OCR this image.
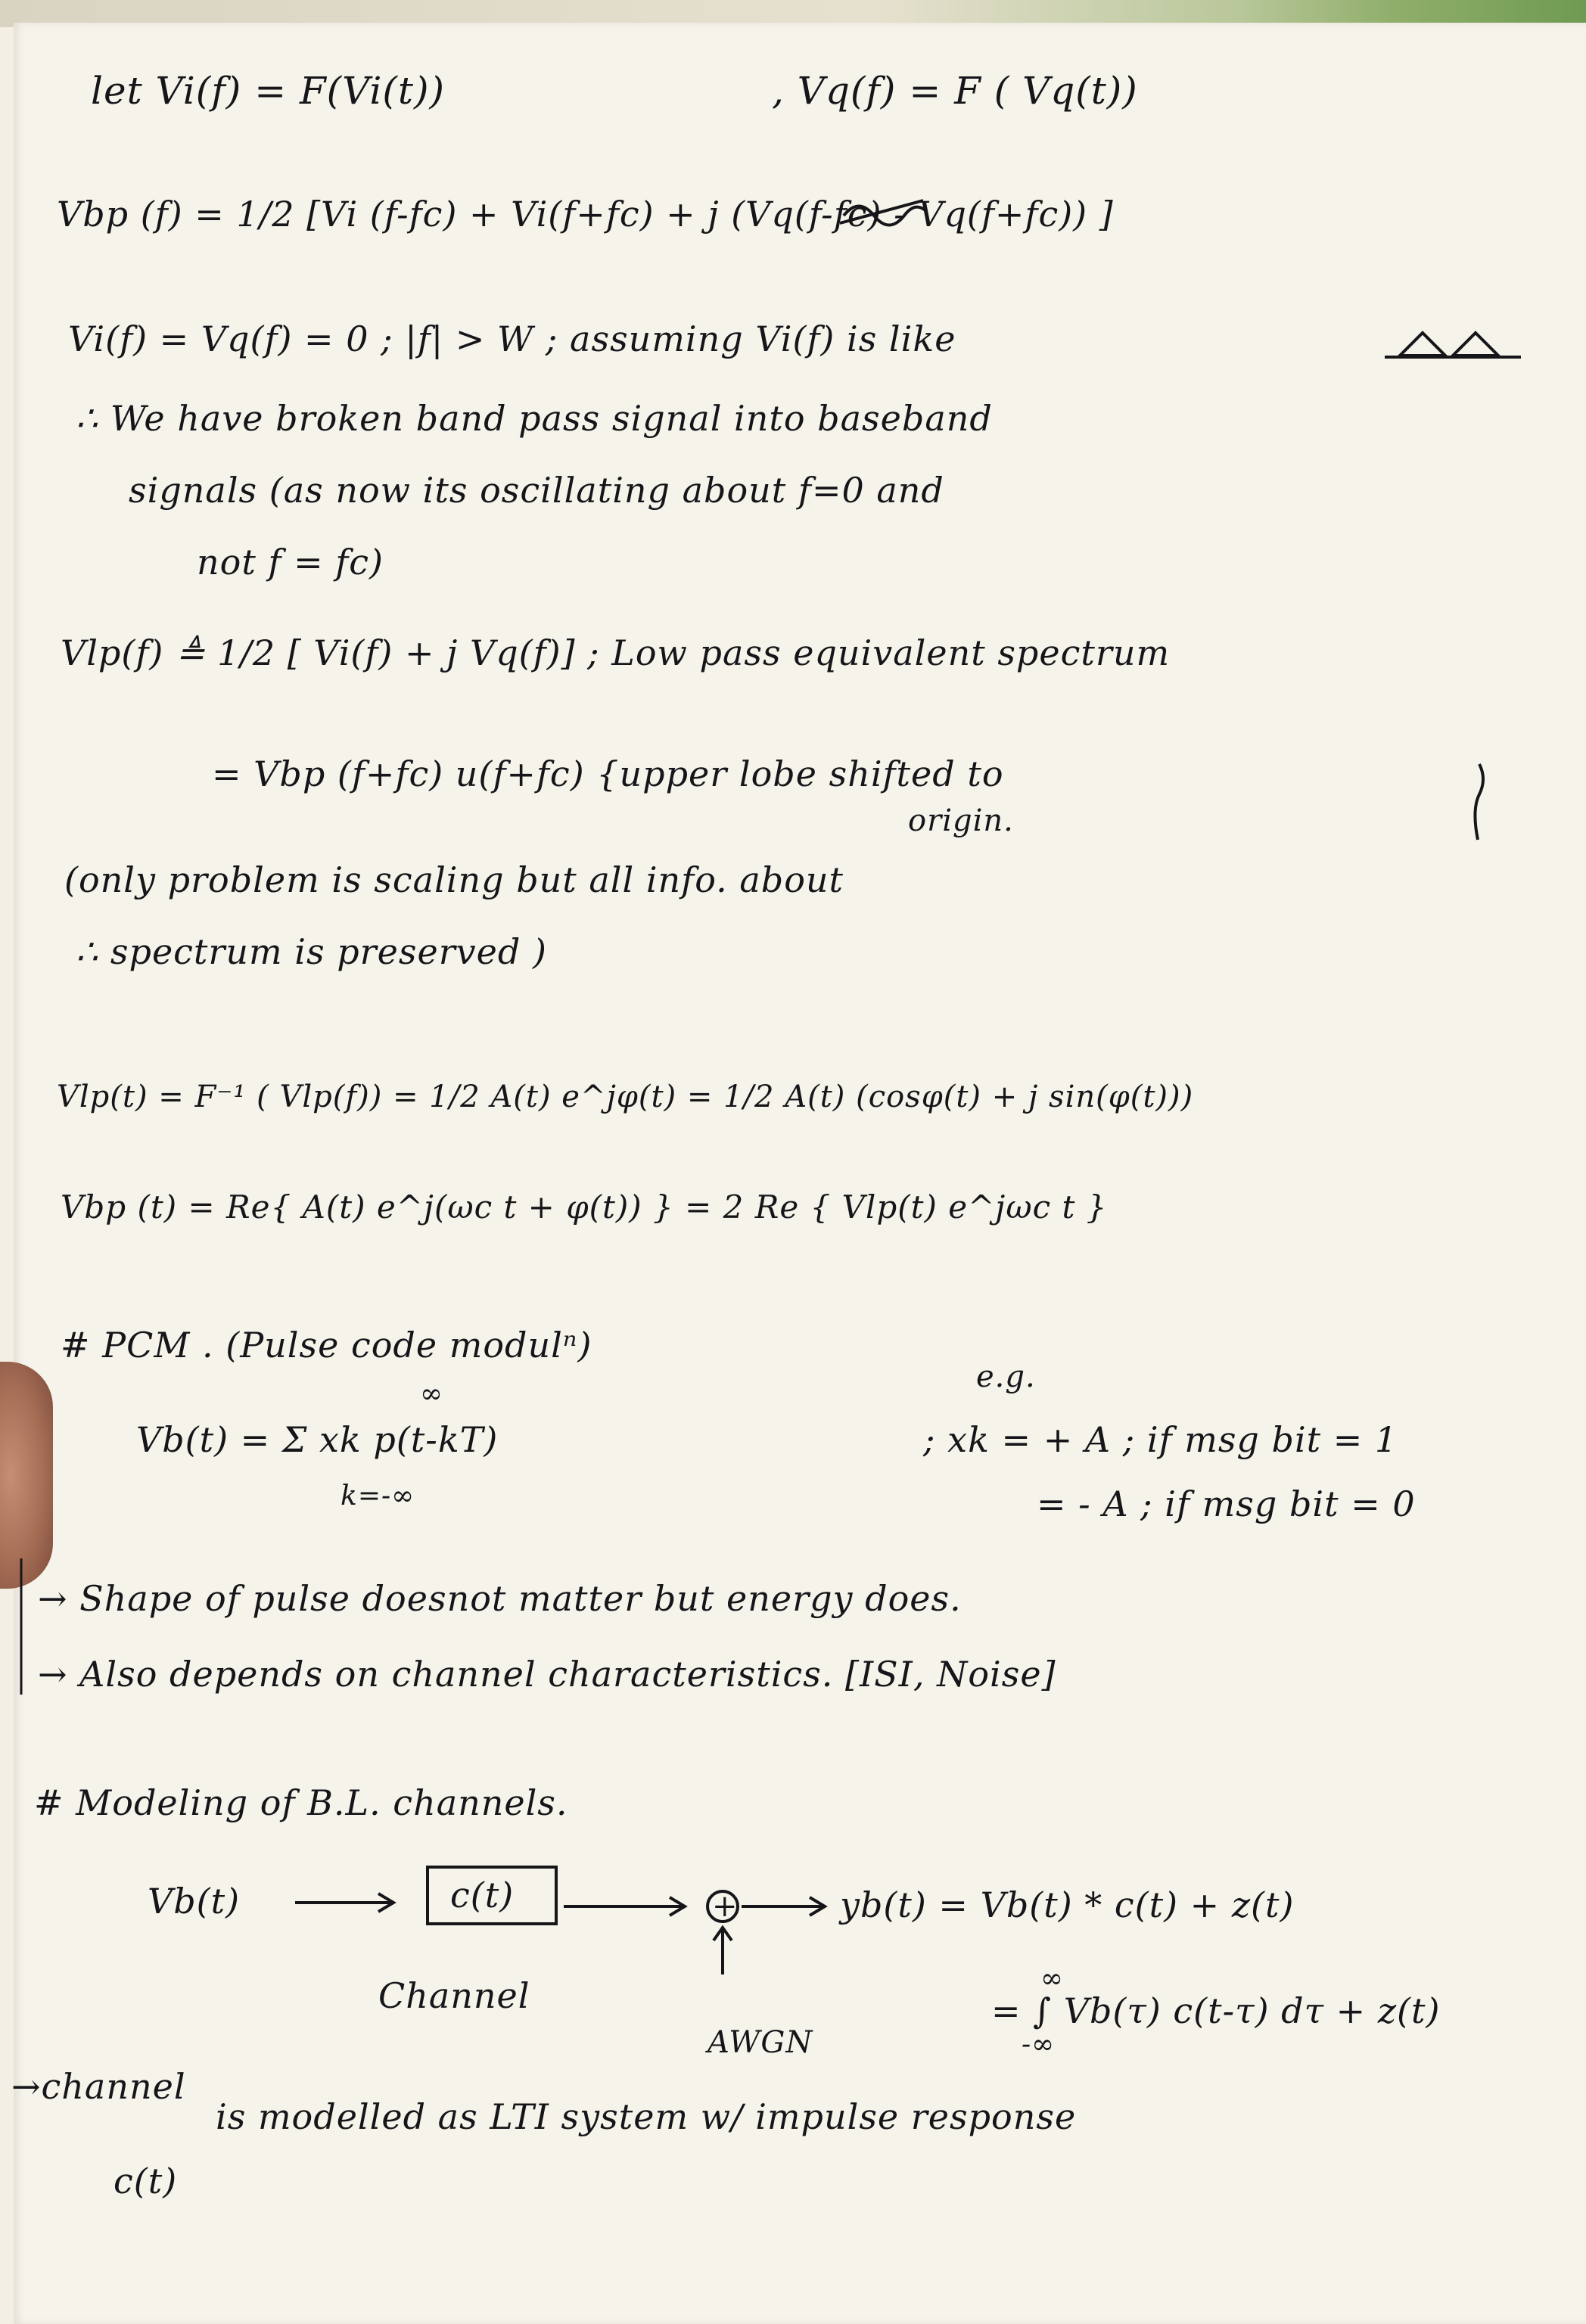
let Vi(f) = F(Vi(t))	, Vq(f) = F ( Vq(t))
Vbp (f) = 1/2 [Vi (f-fc) + Vi(f+fc) + j (Vq(f-fc) - Vq(f+fc)) ]
Vi(f) = Vq(f) = 0 ; |f| > W ; assuming Vi(f) is like
∴ We have broken band pass signal into baseband
signals (as now its oscillating about f=0 and
not f = fc)
Vlp(f) ≜ 1/2 [ Vi(f) + j Vq(f)] ; Low pass equivalent spectrum
= Vbp (f+fc) u(f+fc) {upper lobe shifted to
origin.
(only problem is scaling but all info. about
∴ spectrum is preserved )
Vlp(t) = F⁻¹ ( Vlp(f)) = 1/2 A(t) e^jφ(t) = 1/2 A(t) (cosφ(t) + j sin(φ(t)))
Vbp (t) = Re{ A(t) e^j(ωc t + φ(t)) } = 2 Re { Vlp(t) e^jωc t }
# PCM . (Pulse code modulⁿ)
e.g.
Vb(t) = Σ xk p(t-kT)
∞
k=-∞
; xk = + A ; if msg bit = 1
= - A ; if msg bit = 0
→ Shape of pulse doesnot matter but energy does.
→ Also depends on channel characteristics. [ISI, Noise]
# Modeling of B.L. channels.
Vb(t)	c(t)	+	yb(t) = Vb(t) * c(t) + z(t)
Channel	= ∫ Vb(τ) c(t-τ) dτ + z(t)
∞
-∞
AWGN
→channel
is modelled as LTI system w/ impulse response
c(t)
